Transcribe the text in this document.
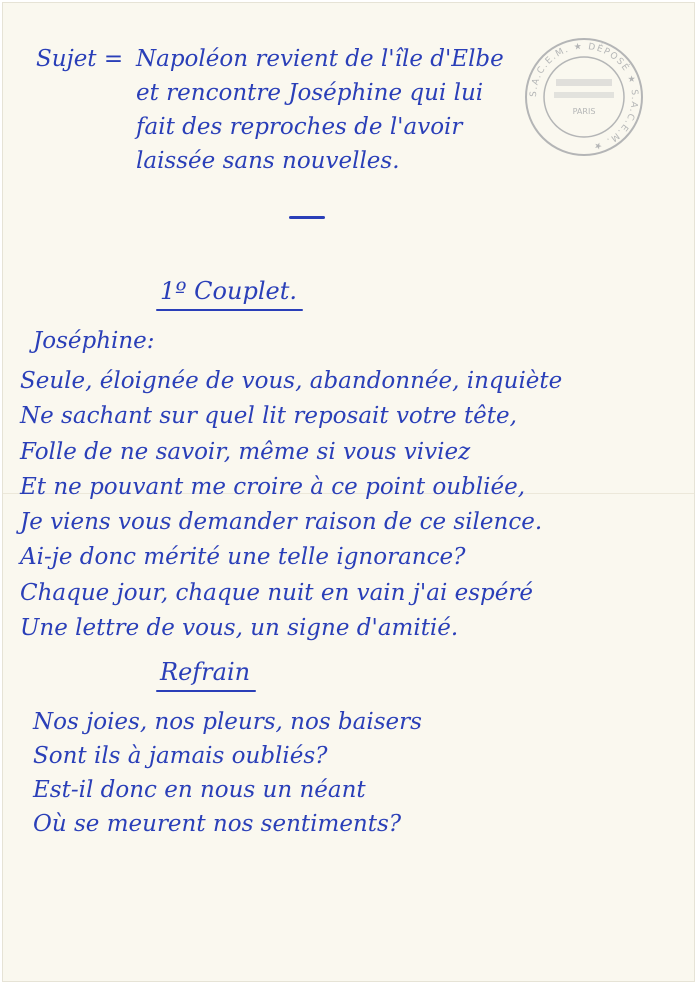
S.A.C.E.M. ★ DÉPOSÉ ★ S.A.C.E.M. ★
PARIS
Sujet = Napoléon revient de l'île d'Elbe
et rencontre Joséphine qui lui
fait des reproches de l'avoir
laissée sans nouvelles.
1º Couplet.
Joséphine:
Seule, éloignée de vous, abandonnée, inquiète
Ne sachant sur quel lit reposait votre tête,
Folle de ne savoir, même si vous viviez
Et ne pouvant me croire à ce point oubliée,
Je viens vous demander raison de ce silence.
Ai-je donc mérité une telle ignorance?
Chaque jour, chaque nuit en vain j'ai espéré
Une lettre de vous, un signe d'amitié.
Refrain
Nos joies, nos pleurs, nos baisers
Sont ils à jamais oubliés?
Est-il donc en nous un néant
Où se meurent nos sentiments?
